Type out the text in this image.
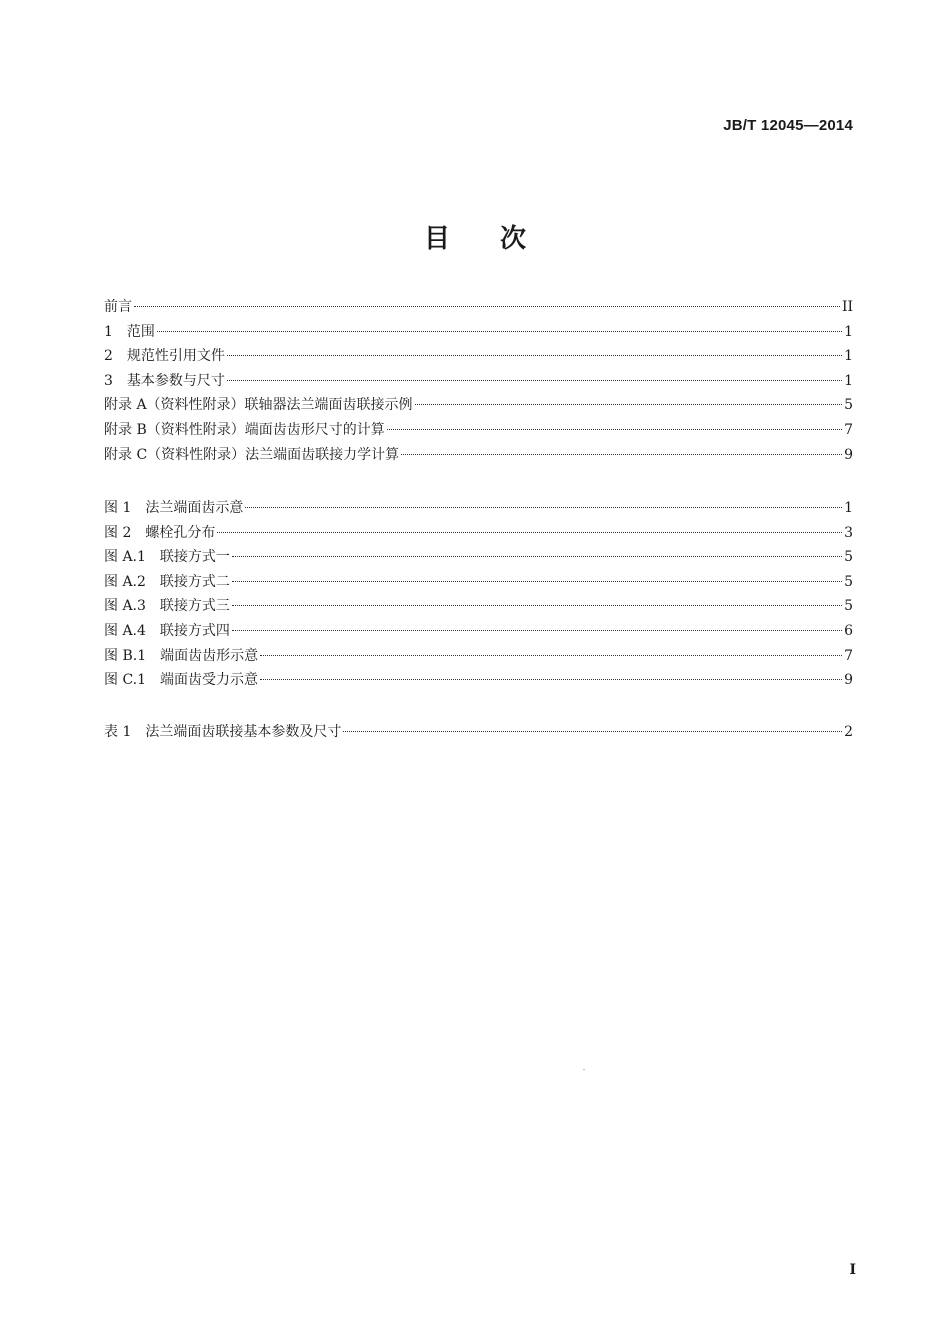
JB/T 12045—2014
目 次
前言	II
1　范围	1
2　规范性引用文件	1
3　基本参数与尺寸	1
附录 A（资料性附录）联轴器法兰端面齿联接示例	5
附录 B（资料性附录）端面齿齿形尺寸的计算	7
附录 C（资料性附录）法兰端面齿联接力学计算	9
图 1　法兰端面齿示意	1
图 2　螺栓孔分布	3
图 A.1　联接方式一	5
图 A.2　联接方式二	5
图 A.3　联接方式三	5
图 A.4　联接方式四	6
图 B.1　端面齿齿形示意	7
图 C.1　端面齿受力示意	9
表 1　法兰端面齿联接基本参数及尺寸	2
I
